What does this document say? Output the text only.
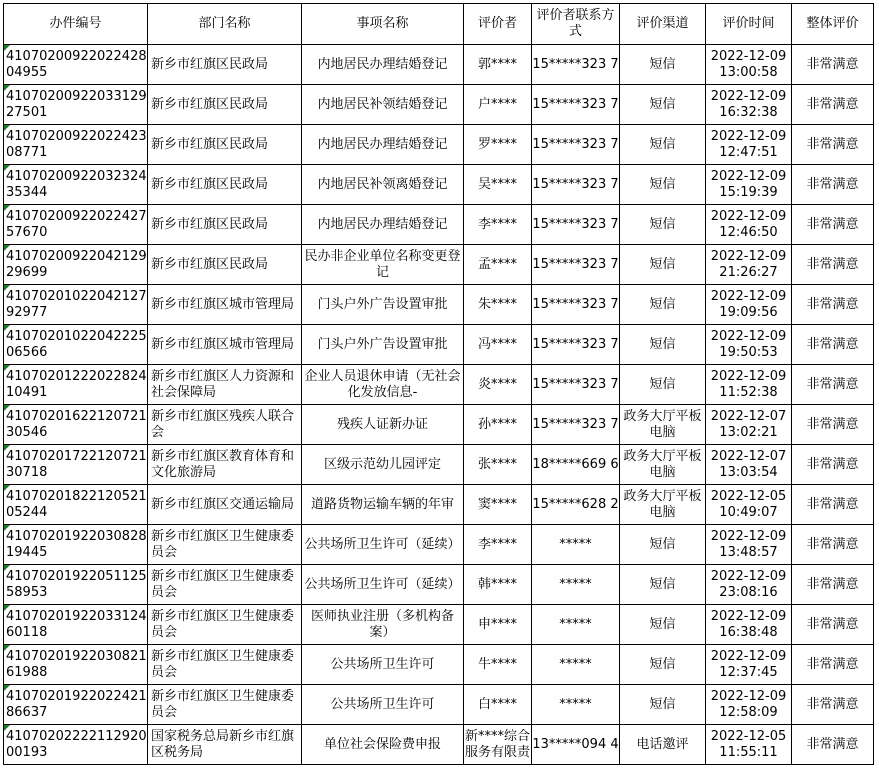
办件编号	部门名称	事项名称	评价者	评价者联系方式	评价渠道	评价时间	整体评价

41070200922022428 04955	新乡市红旗区民政局	内地居民办理结婚登记	郭****	15*****323 7	短信	2022-12-09 13:00:58	非常满意

41070200922033129 27501	新乡市红旗区民政局	内地居民补领结婚登记	户****	15*****323 7	短信	2022-12-09 16:32:38	非常满意

41070200922022423 08771	新乡市红旗区民政局	内地居民办理结婚登记	罗****	15*****323 7	短信	2022-12-09 12:47:51	非常满意

41070200922032324 35344	新乡市红旗区民政局	内地居民补领离婚登记	吴****	15*****323 7	短信	2022-12-09 15:19:39	非常满意

41070200922022427 57670	新乡市红旗区民政局	内地居民办理结婚登记	李****	15*****323 7	短信	2022-12-09 12:46:50	非常满意

41070200922042129 29699	新乡市红旗区民政局	民办非企业单位名称变更登记	孟****	15*****323 7	短信	2022-12-09 21:26:27	非常满意

41070201022042127 92977	新乡市红旗区城市管理局	门头户外广告设置审批	朱****	15*****323 7	短信	2022-12-09 19:09:56	非常满意

41070201022042225 06566	新乡市红旗区城市管理局	门头户外广告设置审批	冯****	15*****323 7	短信	2022-12-09 19:50:53	非常满意

41070201222022824 10491	新乡市红旗区人力资源和社会保障局	企业人员退休申请（无社会化发放信息-	炎****	15*****323 7	短信	2022-12-09 11:52:38	非常满意

41070201622120721 30546	新乡市红旗区残疾人联合会	残疾人证新办证	孙****	15*****323 7	政务大厅平板电脑	2022-12-07 13:02:21	非常满意

41070201722120721 30718	新乡市红旗区教育体育和文化旅游局	区级示范幼儿园评定	张****	18*****669 6	政务大厅平板电脑	2022-12-07 13:03:54	非常满意

41070201822120521 05244	新乡市红旗区交通运输局	道路货物运输车辆的年审	窦****	15*****628 2	政务大厅平板电脑	2022-12-05 10:49:07	非常满意

41070201922030828 19445	新乡市红旗区卫生健康委员会	公共场所卫生许可（延续）	李****	*****	短信	2022-12-09 13:48:57	非常满意

41070201922051125 58953	新乡市红旗区卫生健康委员会	公共场所卫生许可（延续）	韩****	*****	短信	2022-12-09 23:08:16	非常满意

41070201922033124 60118	新乡市红旗区卫生健康委员会	医师执业注册（多机构备案）	申****	*****	短信	2022-12-09 16:38:48	非常满意

41070201922030821 61988	新乡市红旗区卫生健康委员会	公共场所卫生许可	牛****	*****	短信	2022-12-09 12:37:45	非常满意

41070201922022421 86637	新乡市红旗区卫生健康委员会	公共场所卫生许可	白****	*****	短信	2022-12-09 12:58:09	非常满意

41070202222112920 00193	国家税务总局新乡市红旗区税务局	单位社会保险费申报	新****综合服务有限责	13*****094 4	电话邀评	2022-12-05 11:55:11	非常满意
